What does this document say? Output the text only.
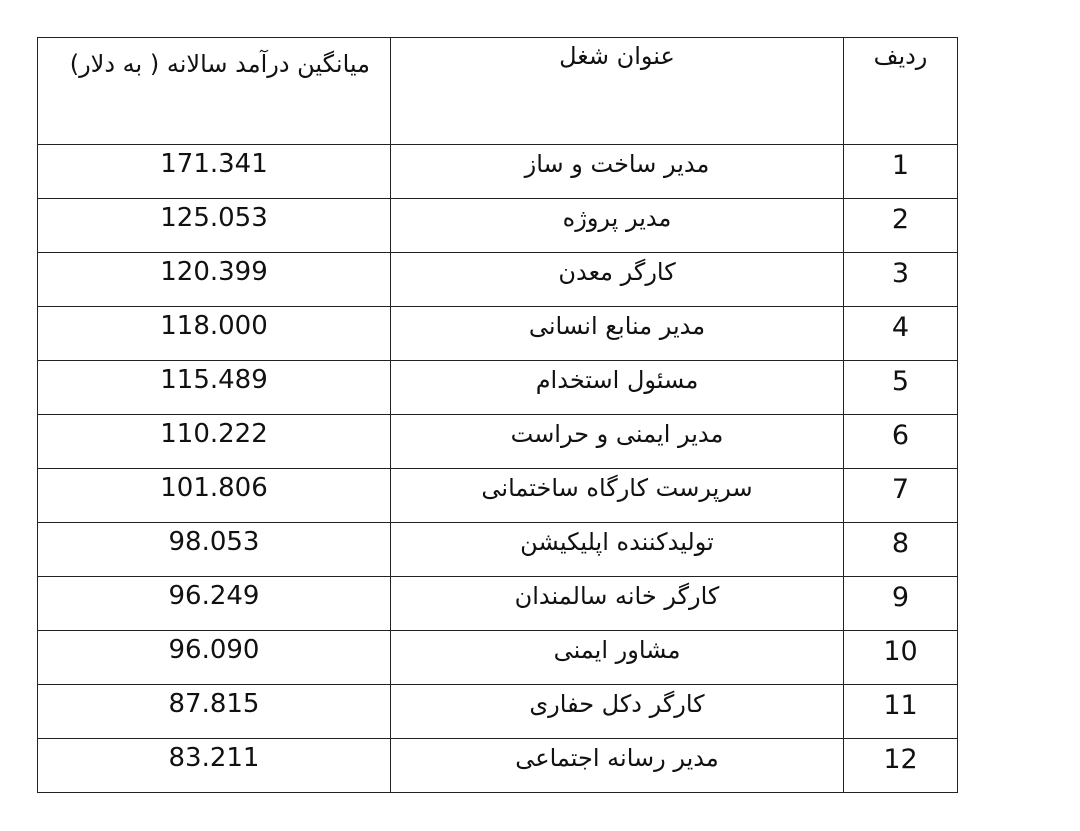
میانگین درآمد سالانه ( به دلار)	عنوان شغل	ردیف

171.341	مدیر ساخت و ساز	1

125.053	مدیر پروژه	2

120.399	کارگر معدن	3

118.000	مدیر منابع انسانی	4

115.489	مسئول استخدام	5

110.222	مدیر ایمنی و حراست	6

101.806	سرپرست کارگاه ساختمانی	7

98.053	تولیدکننده اپلیکیشن	8

96.249	کارگر خانه سالمندان	9

96.090	مشاور ایمنی	10

87.815	کارگر دکل حفاری	11

83.211	مدیر رسانه اجتماعی	12
